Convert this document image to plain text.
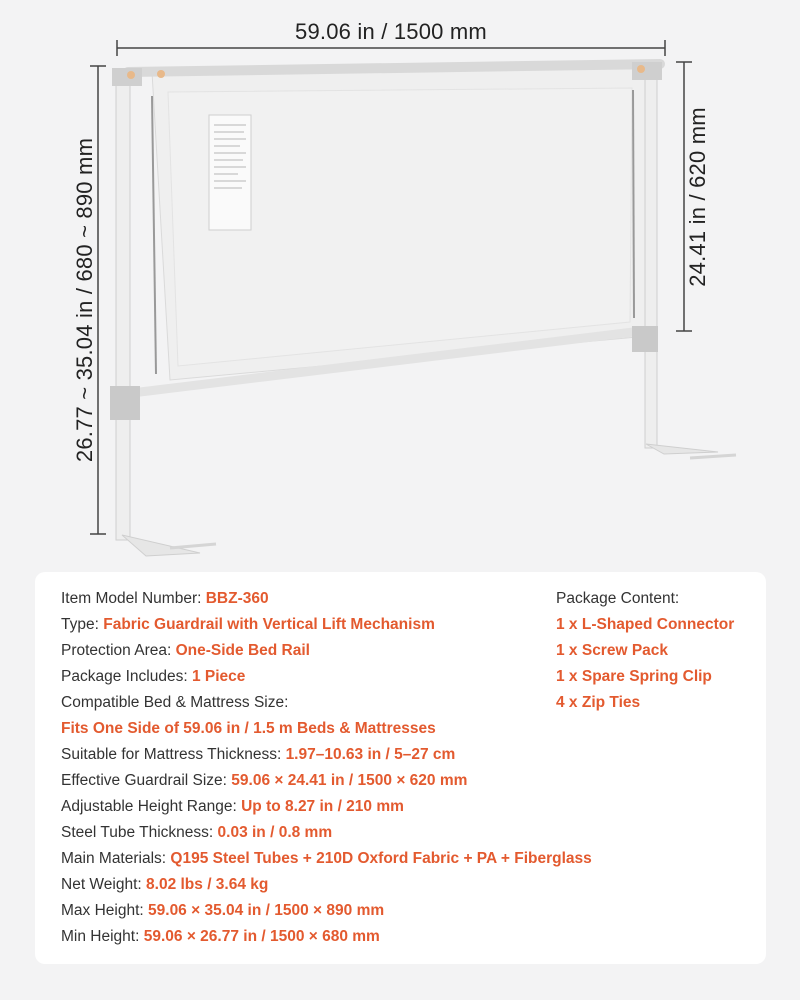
59.06 in / 1500 mm
26.77 ~ 35.04 in / 680 ~ 890 mm	24.41 in / 620 mm
Item Model Number: BBZ-360
Type: Fabric Guardrail with Vertical Lift Mechanism
Protection Area: One-Side Bed Rail
Package Includes: 1 Piece
Compatible Bed & Mattress Size:
Fits One Side of 59.06 in / 1.5 m Beds & Mattresses
Suitable for Mattress Thickness: 1.97–10.63 in / 5–27 cm
Effective Guardrail Size: 59.06 × 24.41 in / 1500 × 620 mm
Adjustable Height Range: Up to 8.27 in / 210 mm
Steel Tube Thickness: 0.03 in / 0.8 mm
Main Materials: Q195 Steel Tubes + 210D Oxford Fabric + PA + Fiberglass
Net Weight: 8.02 lbs / 3.64 kg
Max Height: 59.06 × 35.04 in / 1500 × 890 mm
Min Height: 59.06 × 26.77 in / 1500 × 680 mm
Package Content:
1 x L-Shaped Connector
1 x Screw Pack
1 x Spare Spring Clip
4 x Zip Ties
